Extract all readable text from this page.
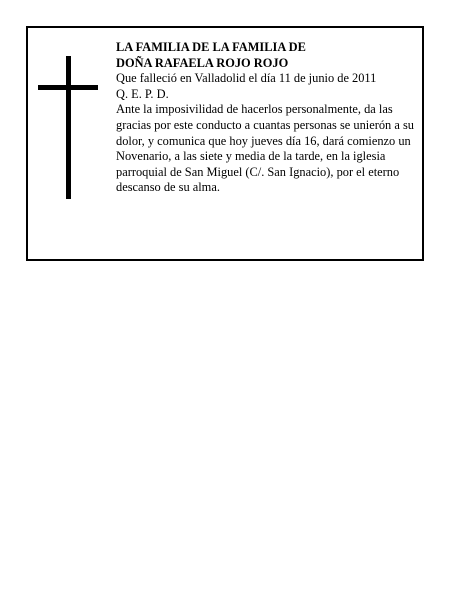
LA FAMILIA DE LA FAMILIA DE
DOÑA RAFAELA ROJO ROJO
Que falleció en Valladolid el día 11 de junio de 2011
Q. E. P. D.
Ante la imposivilidad de hacerlos personalmente, da las gracias por este conducto a cuantas personas se unierón a su dolor, y comunica que hoy jueves día 16, dará comienzo un Novenario, a las siete y media de la tarde, en la iglesia parroquial de San Miguel (C/. San Ignacio), por el eterno descanso de su alma.
